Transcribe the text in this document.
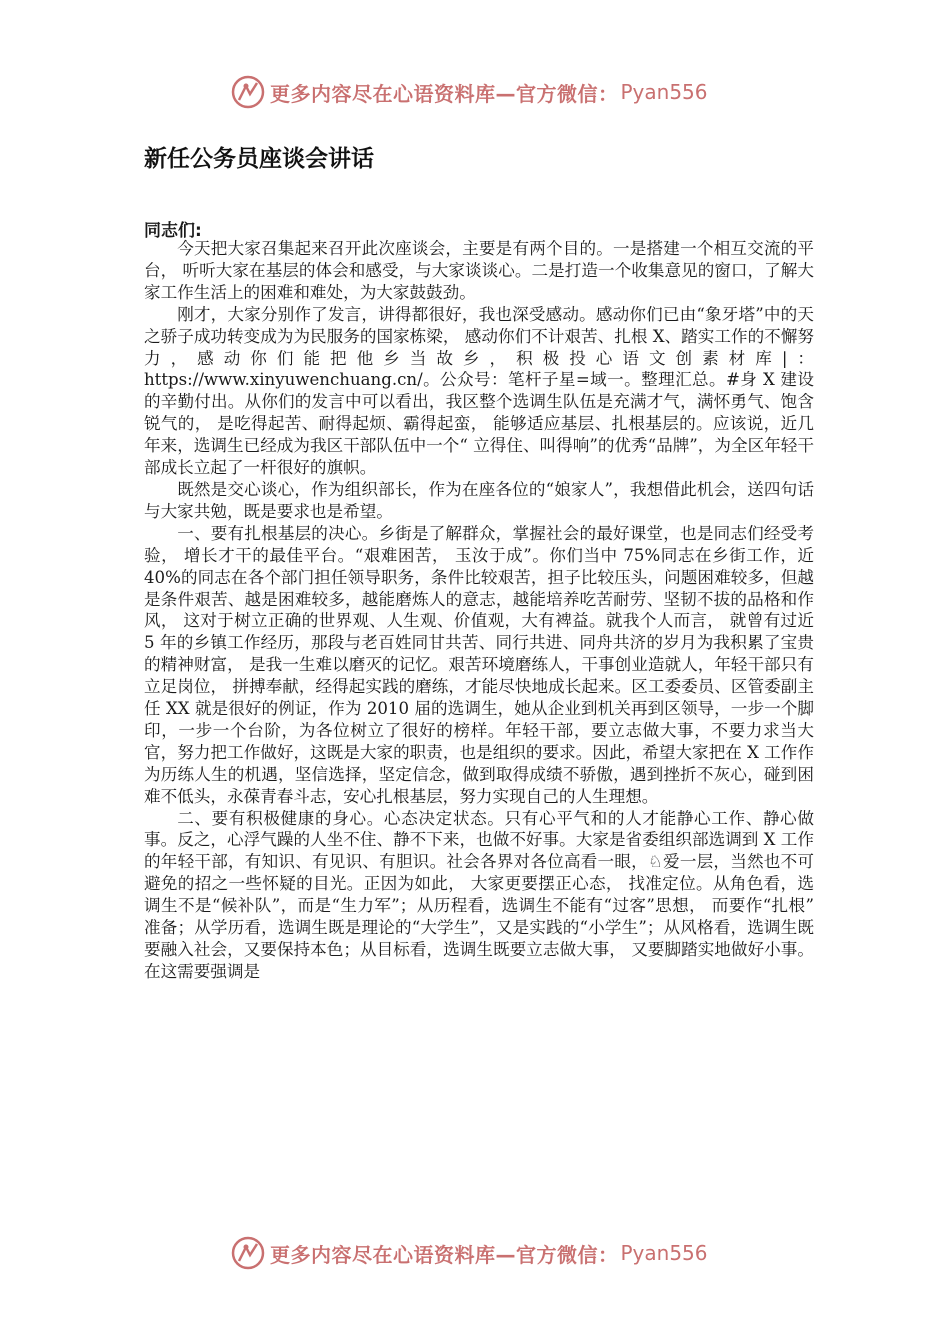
更多内容尽在心语资料库—官方微信： Pyan556
新任公务员座谈会讲话
同志们:

今天把大家召集起来召开此次座谈会，主要是有两个目的。一是搭建一个相互交流的平台， 听听大家在基层的体会和感受，与大家谈谈心。二是打造一个收集意见的窗口，了解大家工作生活上的困难和难处，为大家鼓鼓劲。

刚才，大家分别作了发言，讲得都很好，我也深受感动。感动你们已由“象牙塔”中的天之骄子成功转变成为为民服务的国家栋梁， 感动你们不计艰苦、扎根 X、踏实工作的不懈努力，感动你们能把他乡当故乡，积极投心语文创素材库|：https://www.xinyuwenchuang.cn/。公众号：笔杆子星=域一。整理汇总。#身 X 建设的辛勤付出。从你们的发言中可以看出，我区整个选调生队伍是充满才气，满怀勇气、饱含锐气的， 是吃得起苦、耐得起烦、霸得起蛮， 能够适应基层、扎根基层的。应该说，近几年来，选调生已经成为我区干部队伍中一个“ 立得住、叫得响”的优秀“品牌”，为全区年轻干部成长立起了一杆很好的旗帜。

既然是交心谈心，作为组织部长，作为在座各位的“娘家人”，我想借此机会，送四句话与大家共勉，既是要求也是希望。

一、要有扎根基层的决心。乡街是了解群众，掌握社会的最好课堂，也是同志们经受考验， 增长才干的最佳平台。“艰难困苦， 玉汝于成”。你们当中 75%同志在乡街工作，近 40%的同志在各个部门担任领导职务，条件比较艰苦，担子比较压头，问题困难较多，但越是条件艰苦、越是困难较多，越能磨炼人的意志，越能培养吃苦耐劳、坚韧不拔的品格和作风， 这对于树立正确的世界观、人生观、价值观，大有裨益。就我个人而言， 就曾有过近 5 年的乡镇工作经历，那段与老百姓同甘共苦、同行共进、同舟共济的岁月为我积累了宝贵的精神财富， 是我一生难以磨灭的记忆。艰苦环境磨练人，干事创业造就人，年轻干部只有立足岗位， 拼搏奉献，经得起实践的磨练，才能尽快地成长起来。区工委委员、区管委副主任 XX 就是很好的例证，作为 2010 届的选调生，她从企业到机关再到区领导，一步一个脚印，一步一个台阶，为各位树立了很好的榜样。年轻干部，要立志做大事，不要力求当大官，努力把工作做好，这既是大家的职责，也是组织的要求。因此，希望大家把在 X 工作作为历练人生的机遇，坚信选择，坚定信念，做到取得成绩不骄傲，遇到挫折不灰心，碰到困难不低头，永葆青春斗志，安心扎根基层，努力实现自己的人生理想。

二、要有积极健康的身心。心态决定状态。只有心平气和的人才能静心工作、静心做事。反之，心浮气躁的人坐不住、静不下来，也做不好事。大家是省委组织部选调到 X 工作的年轻干部，有知识、有见识、有胆识。社会各界对各位高看一眼，♘爱一层，当然也不可避免的招之一些怀疑的目光。正因为如此， 大家更要摆正心态， 找准定位。从角色看，选调生不是“候补队”，而是“生力军”；从历程看，选调生不能有“过客”思想， 而要作“扎根” 准备；从学历看，选调生既是理论的“大学生”，又是实践的“小学生”；从风格看，选调生既要融入社会，又要保持本色；从目标看，选调生既要立志做大事， 又要脚踏实地做好小事。在这需要强调是

更多内容尽在心语资料库—官方微信： Pyan556
